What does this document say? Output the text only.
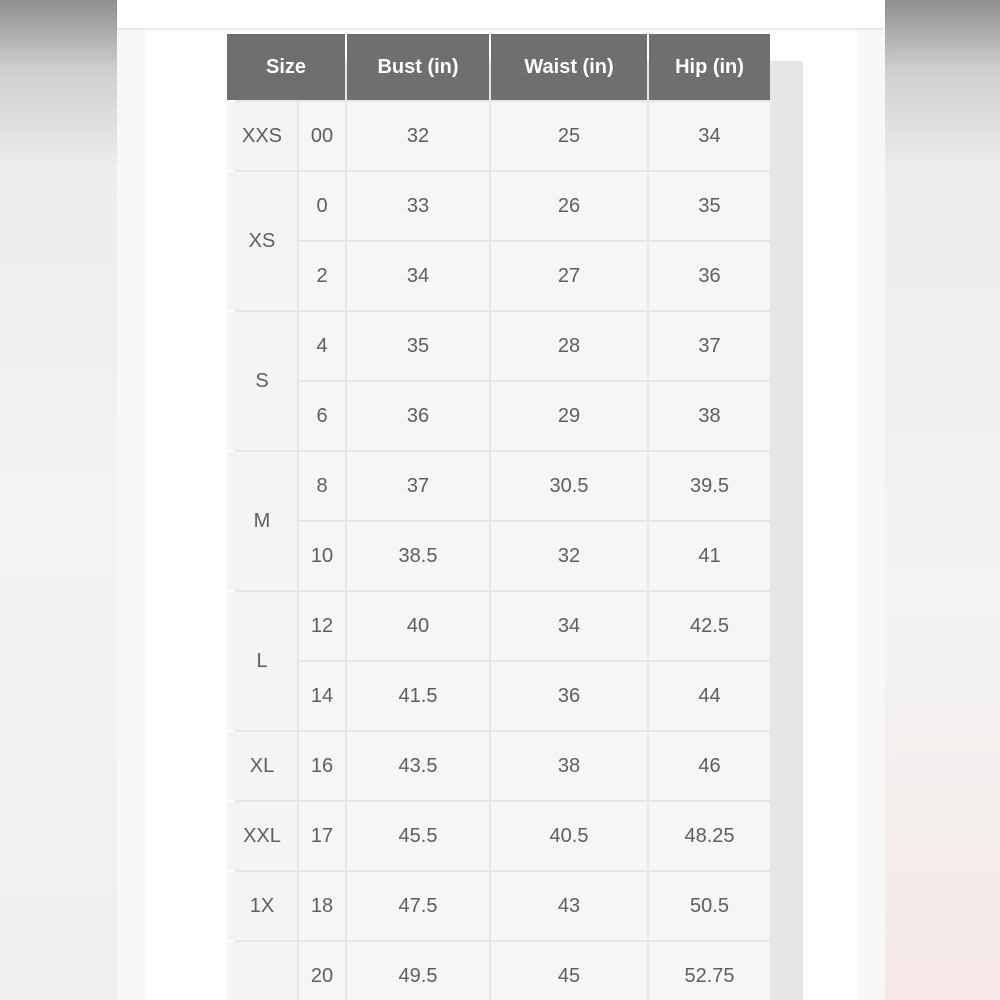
Size		Bust (in)	Waist (in)	Hip (in)
XXS	00	32	25	34
XS	0	33	26	35
	2	34	27	36
S	4	35	28	37
	6	36	29	38
M	8	37	30.5	39.5
	10	38.5	32	41
L	12	40	34	42.5
	14	41.5	36	44
XL	16	43.5	38	46
XXL	17	45.5	40.5	48.25
1X	18	47.5	43	50.5
	20	49.5	45	52.75
